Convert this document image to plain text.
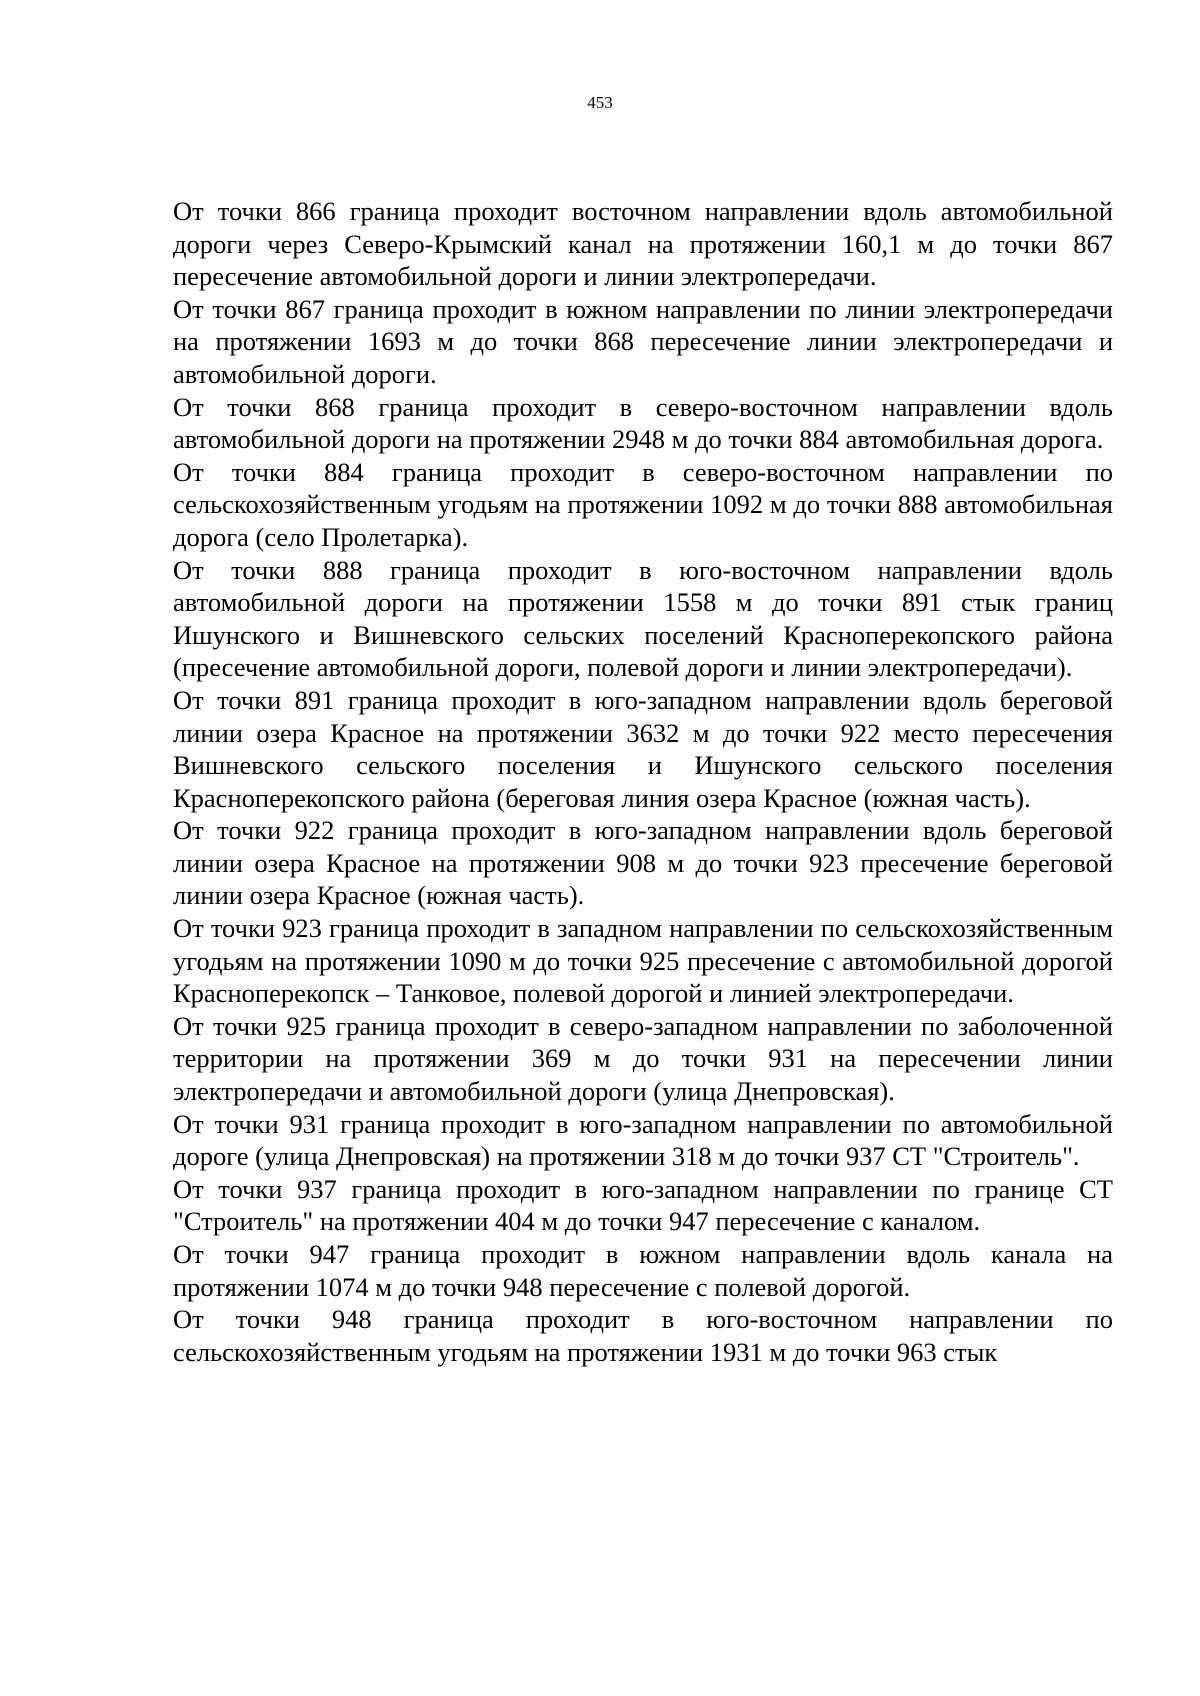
453

От точки 866 граница проходит восточном направлении вдоль автомобильной дороги через Северо-Крымский канал на протяжении 160,1 м до точки 867 пересечение автомобильной дороги и линии электропередачи.

От точки 867 граница проходит в южном направлении по линии электропередачи на протяжении 1693 м до точки 868 пересечение линии электропередачи и автомобильной дороги.

От точки 868 граница проходит в северо-восточном направлении вдоль автомобильной дороги на протяжении 2948 м до точки 884 автомобильная дорога.

От точки 884 граница проходит в северо-восточном направлении по сельскохозяйственным угодьям на протяжении 1092 м до точки 888 автомобильная дорога (село Пролетарка).

От точки 888 граница проходит в юго-восточном направлении вдоль автомобильной дороги на протяжении 1558 м до точки 891 стык границ Ишунского и Вишневского сельских поселений Красноперекопского района (пресечение автомобильной дороги, полевой дороги и линии электропередачи).

От точки 891 граница проходит в юго-западном направлении вдоль береговой линии озера Красное на протяжении 3632 м до точки 922 место пересечения Вишневского сельского поселения и Ишунского сельского поселения Красноперекопского района (береговая линия озера Красное (южная часть).

От точки 922 граница проходит в юго-западном направлении вдоль береговой линии озера Красное на протяжении 908 м до точки 923 пресечение береговой линии озера Красное (южная часть).

От точки 923 граница проходит в западном направлении по сельскохозяйственным угодьям на протяжении 1090 м до точки 925 пресечение с автомобильной дорогой Красноперекопск – Танковое, полевой дорогой и линией электропередачи.

От точки 925 граница проходит в северо-западном направлении по заболоченной территории на протяжении 369 м до точки 931 на пересечении линии электропередачи и автомобильной дороги (улица Днепровская).

От точки 931 граница проходит в юго-западном направлении по автомобильной дороге (улица Днепровская) на протяжении 318 м до точки 937 СТ "Строитель".

От точки 937 граница проходит в юго-западном направлении по границе СТ "Строитель" на протяжении 404 м до точки 947 пересечение с каналом.

От точки 947 граница проходит в южном направлении вдоль канала на протяжении 1074 м до точки 948 пересечение с полевой дорогой.

От точки 948 граница проходит в юго-восточном направлении по сельскохозяйственным угодьям на протяжении 1931 м до точки 963 стык
